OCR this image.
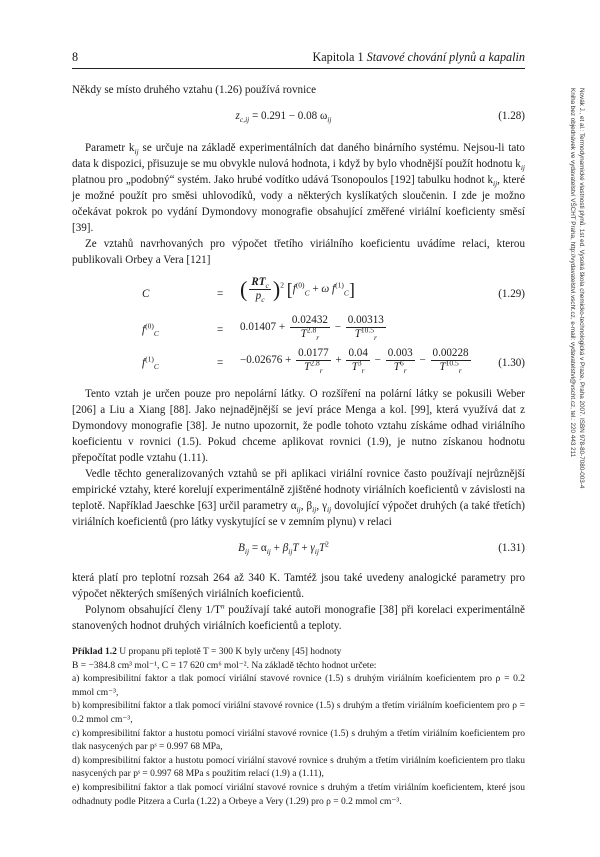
8	Kapitola 1 Stavové chování plynů a kapalin
Novák J., et al.: Termodynamické vlastnosti plynů. 1st ed. Vysoká škola chemicko-technologická v Praze, Praha 2007. ISBN 978-80-7080-003-4
Kniha bez objednávek ve vydavatelství VŠCHT Praha, http://vydavatelstvi.vscht.cz, e-mail: vydavatelstvi@vscht.cz, tel.: 220 443 211

Někdy se místo druhého vztahu (1.26) používá rovnice

$z_{c,ij} = 0.291 - 0.08$ $\omega_{ij}$	(1.28)

Parametr $k_{ij}$ se určuje na základě experimentálních dat daného binárního systému. Nejsou-li tato data k dispozici, přisuzuje se mu obvykle nulová hodnota, i když by bylo vhodnější použít hodnotu $k_{ij}$ platnou pro „podobný“ systém. Jako hrubé vodítko udává Tsonopoulos [192] tabulku hodnot $k_{ij}$, které je možné použít pro směsi uhlovodíků, vody a některých kyslíkatých sloučenin. I zde je možno očekávat pokrok po vydání Dymondovy monografie obsahující změřené viriální koeficienty směsí [39].

Ze vztahů navrhovaných pro výpočet třetího viriálního koeficientu uvádíme relaci, kterou publikovali Orbey a Vera [121]

C	= ( $\frac{RT_c}{p_c} )^2$ [$f^{(0)}_C + \omega$ $f^{(1)}_C$]	(1.29)
$f^{(0)}_C$	= $0.01407 + \frac{0.02432}{T^{2.8}_r} - \frac{0.00313}{T^{10.5}_r}$
$f^{(1)}_C$	= $-0.02676 + \frac{0.0177}{T^{2.8}_r} + \frac{0.04}{T^3_r} - \frac{0.003}{T^6_r} - \frac{0.00228}{T^{10.5}_r} (1.30)$

Tento vztah je určen pouze pro nepolární látky. O rozšíření na polární látky se pokusili Weber [206] a Liu a Xiang [88]. Jako nejnadějnější se jeví práce Menga a kol. [99], která využívá dat z Dymondovy monografie [38]. Je nutno upozornit, že podle tohoto vztahu získáme odhad viriálního koeficientu v rovnici (1.5). Pokud chceme aplikovat rovnici (1.9), je nutno získanou hodnotu přepočítat podle vztahu (1.11).

Vedle těchto generalizovaných vztahů se při aplikaci viriální rovnice často používají nejrůznější empirické vztahy, které korelují experimentálně zjištěné hodnoty viriálních koeficientů v závislosti na teplotě. Například Jaeschke [63] určil parametry $\alpha_{ij}$, $\beta_{ij}$, $\gamma_{ij}$ dovolující výpočet druhých (a také třetích) viriálních koeficientů (pro látky vyskytující se v zemním plynu) v relaci

$B_{ij} = \alpha_{ij} + \beta_{ij}T + \gamma_{ij}T^2$	(1.31)

která platí pro teplotní rozsah 264 až 340 K. Tamtéž jsou také uvedeny analogické parametry pro výpočet některých smíšených viriálních koeficientů.

Polynom obsahující členy $1/T^n$ používají také autoři monografie [38] při korelaci experimentálně stanovených hodnot druhých viriálních koeficientů a teploty.

Příklad 1.2 U propanu při teplotě T = 300 K byly určeny [45] hodnoty
B = −384.8 cm³ mol⁻¹, C = 17 620 cm⁶ mol⁻². Na základě těchto hodnot určete:
a) kompresibilitní faktor a tlak pomocí viriální stavové rovnice (1.5) s druhým viriálním koeficientem pro ρ = 0.2 mmol cm⁻³,
b) kompresibilitní faktor a tlak pomocí viriální stavové rovnice (1.5) s druhým a třetím viriálním koeficientem pro ρ = 0.2 mmol cm⁻³,
c) kompresibilitní faktor a hustotu pomocí viriální stavové rovnice (1.5) s druhým a třetím viriálním koeficientem pro tlak nasycených par pˢ = 0.997 68 MPa,
d) kompresibilitní faktor a hustotu pomocí viriální stavové rovnice s druhým a třetím viriálním koeficientem pro tlaku nasycených par pˢ = 0.997 68 MPa s použitím relací (1.9) a (1.11),
e) kompresibilitní faktor a tlak pomocí viriální stavové rovnice s druhým a třetím viriálním koeficientem, které jsou odhadnuty podle Pitzera a Curla (1.22) a Orbeye a Very (1.29) pro ρ = 0.2 mmol cm⁻³.
